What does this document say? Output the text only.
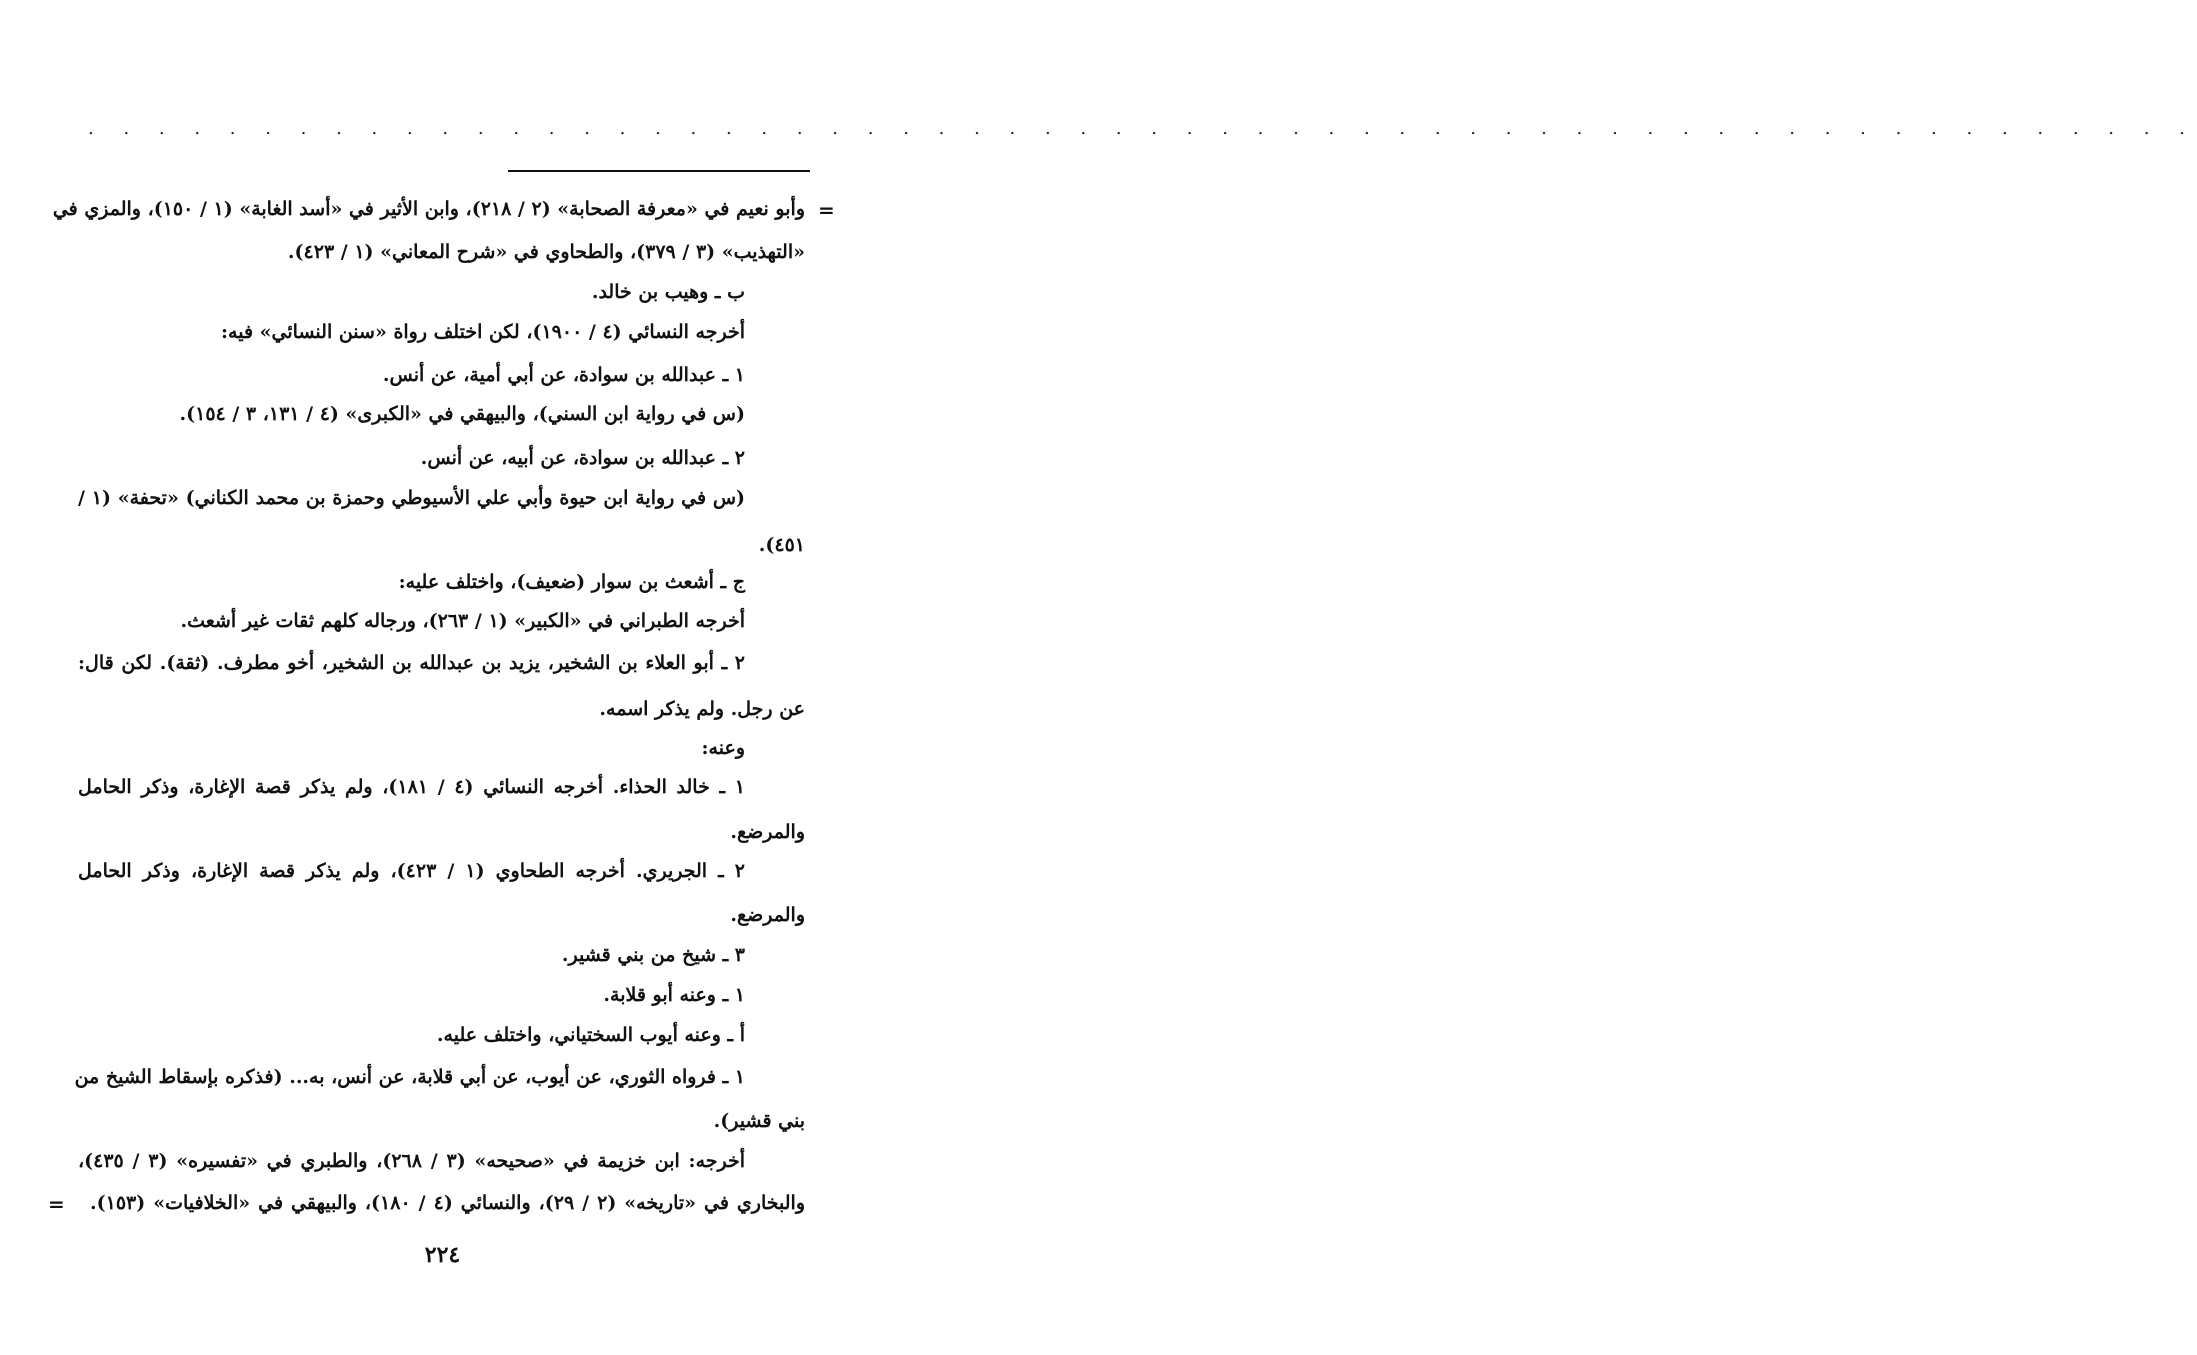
. . . . . . . . . . . . . . . . . . . . . . . . . . . . . . . . . . . . . . . . . . . . . . . . . . . . . . . . . . . .
=
وأبو نعيم في «معرفة الصحابة» (٢ / ٢١٨)، وابن الأثير في «أسد الغابة» (١ / ١٥٠)، والمزي في
«التهذيب» (٣ / ٣٧٩)، والطحاوي في «شرح المعاني» (١ / ٤٢٣).
ب ـ وهيب بن خالد.
أخرجه النسائي (٤ / ١٩٠٠)، لكن اختلف رواة «سنن النسائي» فيه:
١ ـ عبدالله بن سوادة، عن أبي أمية، عن أنس.
(س في رواية ابن السني)، والبيهقي في «الكبرى» (٤ / ١٣١، ٣ / ١٥٤).
٢ ـ عبدالله بن سوادة، عن أبيه، عن أنس.
(س في رواية ابن حيوة وأبي علي الأسيوطي وحمزة بن محمد الكناني) «تحفة» (١ /
٤٥١).
ج ـ أشعث بن سوار (ضعيف)، واختلف عليه:
أخرجه الطبراني في «الكبير» (١ / ٢٦٣)، ورجاله كلهم ثقات غير أشعث.
٢ ـ أبو العلاء بن الشخير، يزيد بن عبدالله بن الشخير، أخو مطرف. (ثقة). لكن قال:
عن رجل. ولم يذكر اسمه.
وعنه:
١ ـ خالد الحذاء. أخرجه النسائي (٤ / ١٨١)، ولم يذكر قصة الإغارة، وذكر الحامل
والمرضع.
٢ ـ الجريري. أخرجه الطحاوي (١ / ٤٢٣)، ولم يذكر قصة الإغارة، وذكر الحامل
والمرضع.
٣ ـ شيخ من بني قشير.
١ ـ وعنه أبو قلابة.
أ ـ وعنه أيوب السختياني، واختلف عليه.
١ ـ فرواه الثوري، عن أيوب، عن أبي قلابة، عن أنس، به... (فذكره بإسقاط الشيخ من
بني قشير).
أخرجه: ابن خزيمة في «صحيحه» (٣ / ٢٦٨)، والطبري في «تفسيره» (٣ / ٤٣٥)،
والبخاري في «تاريخه» (٢ / ٢٩)، والنسائي (٤ / ١٨٠)، والبيهقي في «الخلافيات» (١٥٣).
=
٢٢٤
